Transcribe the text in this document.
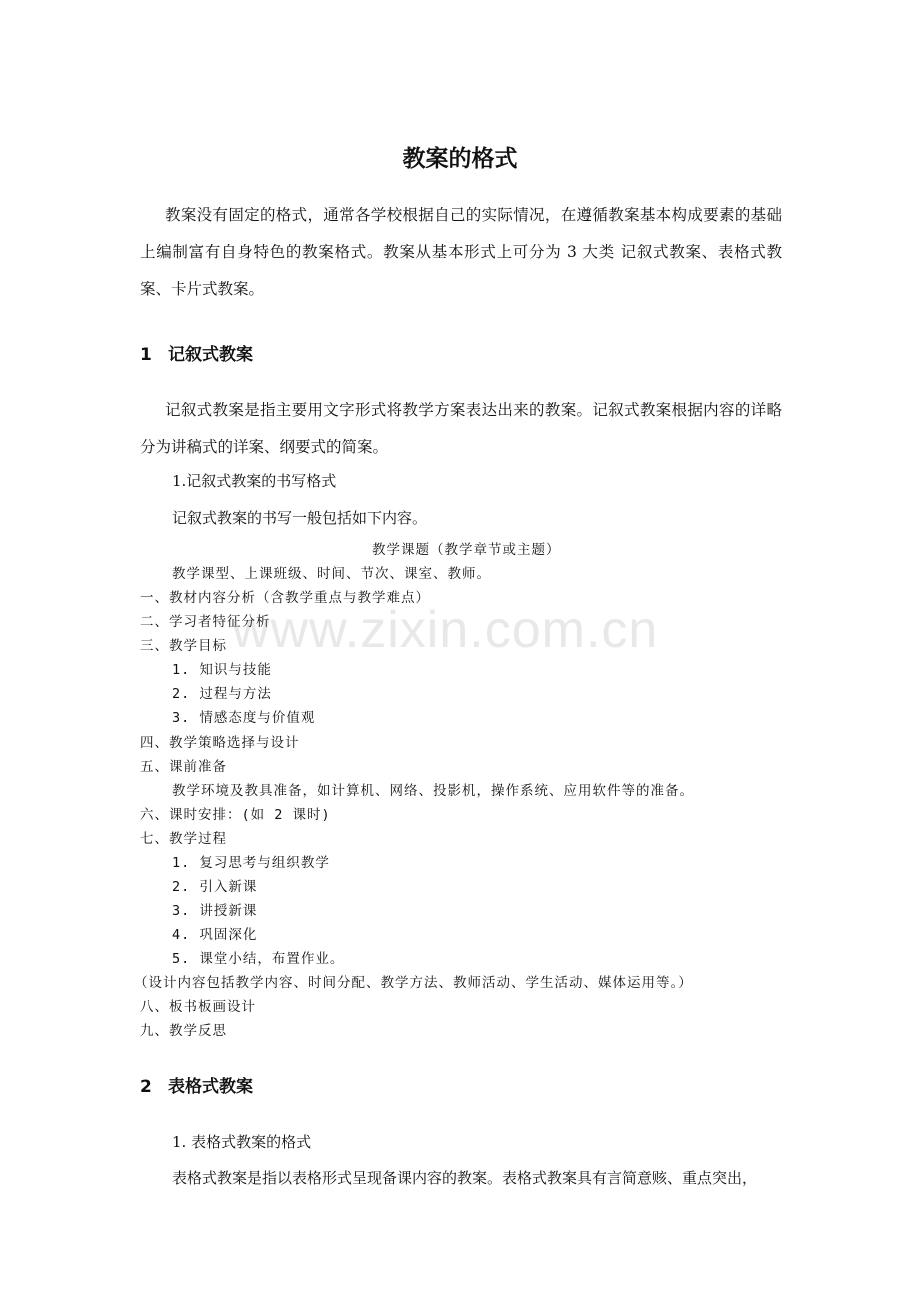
教案的格式

教案没有固定的格式，通常各学校根据自己的实际情况，在遵循教案基本构成要素的基础上编制富有自身特色的教案格式。教案从基本形式上可分为 3 大类 记叙式教案、表格式教案、卡片式教案。

1 记叙式教案

记叙式教案是指主要用文字形式将教学方案表达出来的教案。记叙式教案根据内容的详略分为讲稿式的详案、纲要式的简案。

1.记叙式教案的书写格式
记叙式教案的书写一般包括如下内容。
教学课题（教学章节或主题）
教学课型、上课班级、时间、节次、课室、教师。
一、教材内容分析（含教学重点与教学难点）
二、学习者特征分析
三、教学目标
1. 知识与技能
2. 过程与方法
3. 情感态度与价值观
四、教学策略选择与设计
五、课前准备
教学环境及教具准备，如计算机、网络、投影机，操作系统、应用软件等的准备。
六、课时安排：(如 2 课时)
七、教学过程
1. 复习思考与组织教学
2. 引入新课
3. 讲授新课
4. 巩固深化
5. 课堂小结，布置作业。
（设计内容包括教学内容、时间分配、教学方法、教师活动、学生活动、媒体运用等。）
八、板书板画设计
九、教学反思
2 表格式教案
1. 表格式教案的格式
表格式教案是指以表格形式呈现备课内容的教案。表格式教案具有言简意赅、重点突出，
www.zixin.com.cn
